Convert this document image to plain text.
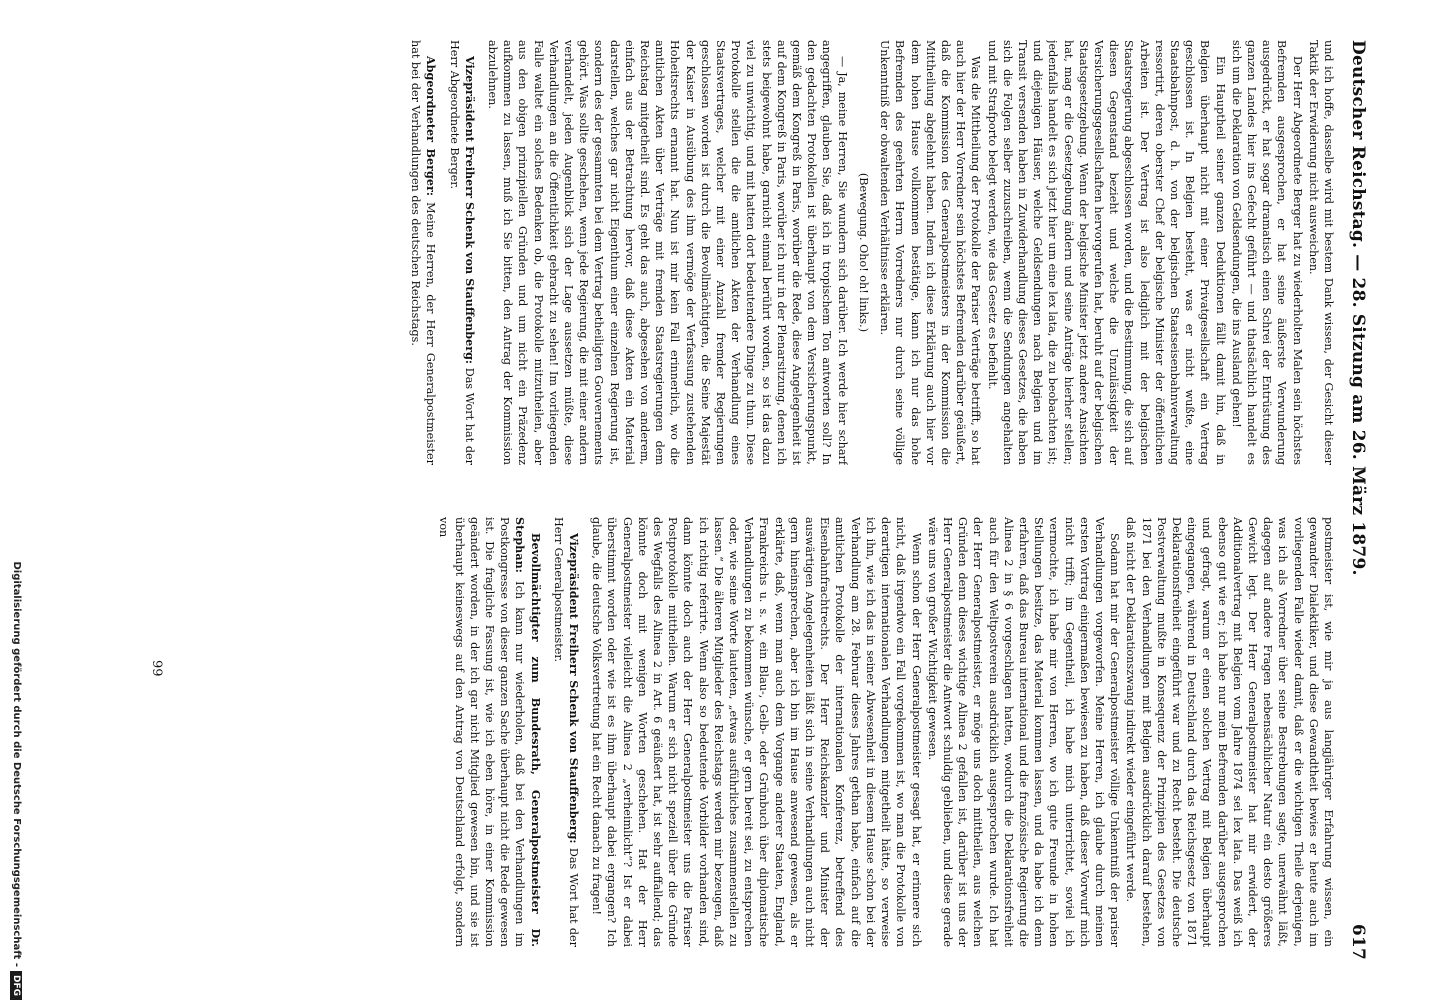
Deutscher Reichstag. — 28. Sitzung am 26. März 1879.
617

und ich hoffe, dasselbe wird mit bestem Dank wissen, der Gesicht dieser Taktik der Erwiderung nicht ausweichen.

Der Herr Abgeordnete Berger hat zu wiederholten Malen sein höchstes Befremden ausgesprochen, er hat seine äußerste Verwunderung ausgedrückt, er hat sogar dramatisch einen Schrei der Entrüstung des ganzen Landes hier ins Gefecht geführt — und thatsächlich handelt es sich um die Deklaration von Geldsendungen, die ins Ausland gehen!

Ein Hauptheil seiner ganzen Deduktionen fällt damit hin, daß in Belgien überhaupt nicht mit einer Privatgesellschaft ein Vertrag geschlossen ist. In Belgien besteht, was er nicht wußte, eine Staatsbahnpost, d. h. von der belgischen Staatseisenbahnverwaltung ressortirt, deren oberster Chef der belgische Minister der öffentlichen Arbeiten ist. Der Vertrag ist also lediglich mit der belgischen Staatsregierung abgeschlossen worden, und die Bestimmung, die sich auf diesen Gegenstand bezieht und welche die Unzulässigkeit der Versicherungsgesellschaften hervorgerufen hat, beruht auf der belgischen Staatsgesetzgebung. Wenn der belgische Minister jetzt andere Ansichten hat, mag er die Gesetzgebung ändern und seine Anträge hierher stellen; jedenfalls handelt es sich jetzt hier um eine lex lata, die zu beobachten ist; und diejenigen Häuser, welche Geldsendungen nach Belgien und im Transit versenden haben in Zuwiderhandlung dieses Gesetzes, die haben sich die Folgen selber zuzuschreiben, wenn die Sendungen angehalten und mit Strafporto belegt werden, wie das Gesetz es befiehlt.

Was die Mittheilung der Protokolle der Pariser Verträge betrifft, so hat auch hier der Herr Vorredner sein höchstes Befremden darüber geäußert, daß die Kommission des Generalpostmeisters in der Kommission die Mittheilung abgelehnt haben. Indem ich diese Erklärung auch hier vor dem hohen Hause vollkommen bestätige, kann ich nur das hohe Befremden des geehrten Herrn Vorredners nur durch seine völlige Unkenntniß der obwaltenden Verhältnisse erklären.

(Bewegung. Oho! oh! links.)

— Ja, meine Herren, Sie wundern sich darüber. Ich werde hier scharf angegriffen, glauben Sie, daß ich in tropischem Ton antworten soll? In den gedachten Protokollen ist überhaupt von dem Versicherungspunkt, gemäß dem Kongreß in Paris, worüber die Rede, diese Angelegenheit ist auf dem Kongreß in Paris, worüber ich nur in der Plenarsitzung, denen ich stets beigewohnt habe, garnicht einmal berührt worden, so ist das dazu viel zu unwichtig, und mit hatten dort bedeutendere Dinge zu thun. Diese Protokolle stellen die die amtlichen Akten der Verhandlung eines Staatsvertrages, welcher mit einer Anzahl fremder Regierungen geschlossen worden ist durch die Bevollmächtigten, die Seine Majestät der Kaiser in Ausübung des ihm vermöge der Verfassung zustehenden Hoheitsrechts ernannt hat. Nun ist mir kein Fall erinnerlich, wo die amtlichen Akten über Verträge mit fremden Staatsregierungen dem Reichstag mitgetheilt sind. Es geht das auch, abgesehen von anderem, einfach aus der Betrachtung hervor, daß diese Akten ein Material darstellen, welches gar nicht Eigenthum einer einzelnen Regierung ist, sondern des der gesammten bei dem Vertrag betheiligten Gouvernements gehört. Was sollte geschehen, wenn jede Regierung, die mit einer andern verhandelt, jeden Augenblick sich der Lage aussetzen müßte, diese Verhandlungen an die Öffentlichkeit gebracht zu sehen! Im vorliegenden Falle waltet ein solches Bedenken ob, die Protokolle mitzutheilen, aber aus den obigen prinzipiellen Gründen und um nicht ein Präzedenz aufkommen zu lassen, muß ich Sie bitten, den Antrag der Kommission abzulehnen.

Vizepräsident Freiherr Schenk von Stauffenberg: Das Wort hat der Herr Abgeordnete Berger.

Abgeordneter Berger: Meine Herren, der Herr Generalpostmeister hat bei der Verhandlungen des deutschen Reichstags.

postmeister ist, wie mir ja aus langjähriger Erfahrung wissen, ein gewandter Dialektiker, und diese Gewandtheit bewies er heute auch im vorliegenden Falle wieder damit, daß er die wichtigen Theile derjenigen, was ich als Vorredner über seine Bestrebungen sagte, unerwähnt läßt, dagegen auf andere Fragen nebensächlicher Natur ein desto größeres Gewicht legt. Der Herr Generalpostmeister hat mir erwidert, der Additionalvertrag mit Belgien vom Jahre 1874 sei lex lata. Das weiß ich ebenso gut wie er; ich habe nur mein Befremden darüber ausgesprochen und gefragt, warum er einen solchen Vertrag mit Belgien überhaupt eingegangen, während in Deutschland durch das Reichsgesetz von 1871 Deklarationsfreiheit eingeführt war und zu Recht besteht. Die deutsche Postverwaltung mußte in Konsequenz der Prinzipien des Gesetzes von 1871 bei den Verhandlungen mit Belgien ausdrücklich darauf bestehen, daß nicht der Deklarationszwang indirekt wieder eingeführt werde.

Sodann hat mir der Generalpostmeister völlige Unkenntniß der pariser Verhandlungen vorgeworfen. Meine Herren, ich glaube durch meinen ersten Vortrag einigermaßen bewiesen zu haben, daß dieser Vorwurf mich nicht trifft; im Gegentheil, ich habe mich unterrichtet, soviel ich vermochte, ich habe mir von Herren, wo ich gute Freunde in hohen Stellungen besitze, das Material kommen lassen, und da habe ich denn erfahren, daß das Bureau international und die französische Regierung die Alinea 2 in § 6 vorgeschlagen hatten, wodurch die Deklarationsfreiheit auch für den Weltpostverein ausdrücklich ausgesprochen wurde. Ich hat der Herr Generalpostmeister, er möge uns doch mittheilen, aus welchen Gründen denn dieses wichtige Alinea 2 gefallen ist, darüber ist uns der Herr Generalpostmeister die Antwort schuldig geblieben, und diese gerade wäre uns von großer Wichtigkeit gewesen.

Wenn schon der Herr Generalpostmeister gesagt hat, er erinnere sich nicht, daß irgendwo ein Fall vorgekommen ist, wo man die Protokolle von derartigen internationalen Verhandlungen mitgetheilt hätte, so verweise ich ihn, wie ich das in seiner Abwesenheit in diesem Hause schon bei der Verhandlung am 28. Februar dieses Jahres gethan habe, einfach auf die amtlichen Protokolle der internationalen Konferenz, betreffend des Eisenbahnfrachtrechts. Der Herr Reichskanzler und Minister der auswärtigen Angelegenheiten läßt sich in seine Verhandlungen auch nicht gern hineinsprechen, aber ich bin im Hause anwesend gewesen, als er erklärte, daß, wenn man auch dem Vorgange anderer Staaten, England, Frankreichs u. s. w. ein Blau-, Gelb- oder Grünbuch über diplomatische Verhandlungen zu bekommen wünsche, er gern bereit sei, zu entsprechen oder, wie seine Worte lauteten, „etwas ausführliches zusammenstellen zu lassen.“ Die älteren Mitglieder des Reichstags werden mir bezeugen, daß ich richtig referirte. Wenn also so bedeutende Vorbilder vorhanden sind, dann könnte doch auch der Herr Generalpostmeister uns die Pariser Postprotokolle mittheilen. Warum er sich nicht speziell über die Gründe des Wegfalls des Alinea 2 in Art. 6 geäußert hat, ist sehr auffallend; das könnte doch mit wenigen Worten geschehen. Hat der Herr Generalpostmeister vielleicht die Alinea 2 „verheimlicht“? Ist er dabei überstimmt worden oder wie ist es ihm überhaupt dabei ergangen? Ich glaube, die deutsche Volksvertretung hat ein Recht danach zu fragen!

Vizepräsident Freiherr Schenk von Stauffenberg: Das Wort hat der Herr Generalpostmeister.

Bevollmächtigter zum Bundesrath, Generalpostmeister Dr. Stephan: Ich kann nur wiederholen, daß bei den Verhandlungen im Postkongresse von dieser ganzen Sache überhaupt nicht die Rede gewesen ist. Die fragliche Fassung ist, wie ich eben höre, in einer Kommission geändert worden, in der ich gar nicht Mitglied gewesen bin, und sie ist überhaupt keineswegs auf den Antrag von Deutschland erfolgt, sondern von

99
Digitalisierung gefördert durch die Deutsche Forschungsgemeinschaft -DFG
